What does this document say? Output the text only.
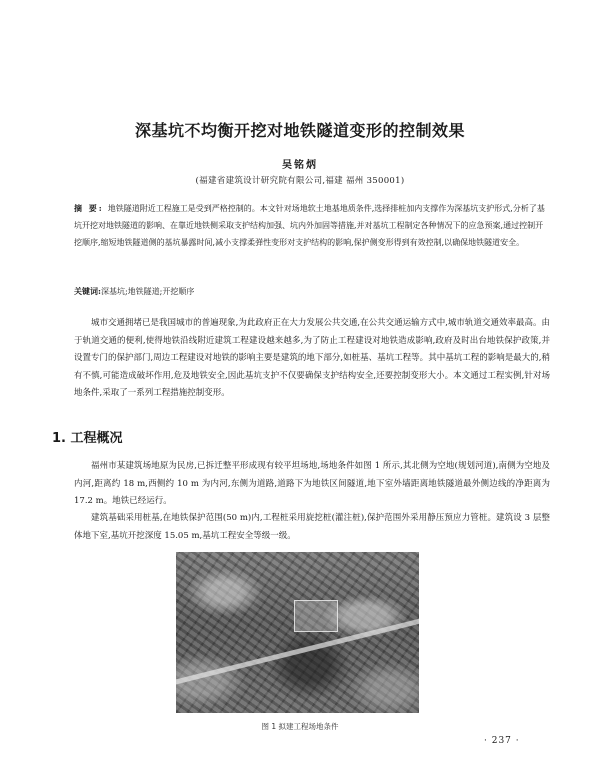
深基坑不均衡开挖对地铁隧道变形的控制效果
吴铭炳
(福建省建筑设计研究院有限公司,福建 福州 350001)
摘 要: 地铁隧道附近工程施工是受到严格控制的。本文针对场地软土地基地质条件,选择排桩加内支撑作为深基坑支护形式,分析了基坑开挖对地铁隧道的影响、在靠近地铁侧采取支护结构加强、坑内外加固等措施,并对基坑工程制定各种情况下的应急预案,通过控制开挖顺序,缩短地铁隧道侧的基坑暴露时间,减小支撑柔弹性变形对支护结构的影响,保护侧变形得到有效控制,以确保地铁隧道安全。
关键词:深基坑;地铁隧道;开挖顺序
城市交通拥堵已是我国城市的普遍现象,为此政府正在大力发展公共交通,在公共交通运输方式中,城市轨道交通效率最高。由于轨道交通的便利,使得地铁沿线附近建筑工程建设越来越多,为了防止工程建设对地铁造成影响,政府及时出台地铁保护政策,并设置专门的保护部门,周边工程建设对地铁的影响主要是建筑的地下部分,如桩基、基坑工程等。其中基坑工程的影响是最大的,稍有不慎,可能造成破坏作用,危及地铁安全,因此基坑支护不仅要确保支护结构安全,还要控制变形大小。本文通过工程实例,针对场地条件,采取了一系列工程措施控制变形。
1. 工程概况
福州市某建筑场地原为民房,已拆迁整平形成现有较平坦场地,场地条件如图 1 所示,其北侧为空地(规划河道),南侧为空地及内河,距离约 18 m,西侧约 10 m 为内河,东侧为道路,道路下为地铁区间隧道,地下室外墙距离地铁隧道最外侧边线的净距离为 17.2 m。地铁已经运行。
建筑基础采用桩基,在地铁保护范围(50 m)内,工程桩采用旋挖桩(灌注桩),保护范围外采用静压预应力管桩。建筑设 3 层整体地下室,基坑开挖深度 15.05 m,基坑工程安全等级一级。
图 1 拟建工程场地条件
· 237 ·
